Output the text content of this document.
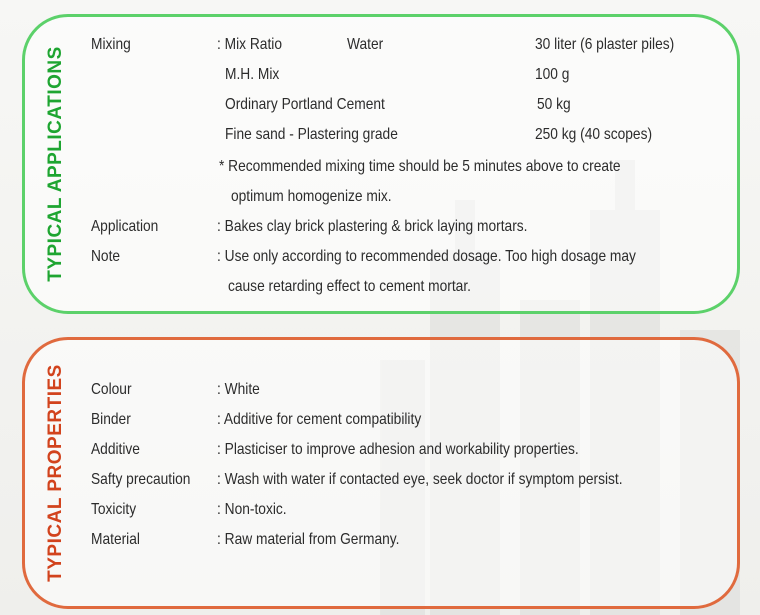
TYPICAL APPLICATIONS
Mixing	: Mix Ratio	Water	30 liter (6 plaster piles)
M.H. Mix	100 g
Ordinary Portland Cement	50 kg
Fine sand - Plastering grade	250 kg (40 scopes)
* Recommended mixing time should be 5 minutes above to create
optimum homogenize mix.
Application	: Bakes clay brick plastering & brick laying mortars.
Note	: Use only according to recommended dosage. Too high dosage may
cause retarding effect to cement mortar.
TYPICAL PROPERTIES Colour	: White
Binder	: Additive for cement compatibility
Additive	: Plasticiser to improve adhesion and workability properties.
Safty precaution : Wash with water if contacted eye, seek doctor if symptom persist.
Toxicity	: Non-toxic.
Material	: Raw material from Germany.
